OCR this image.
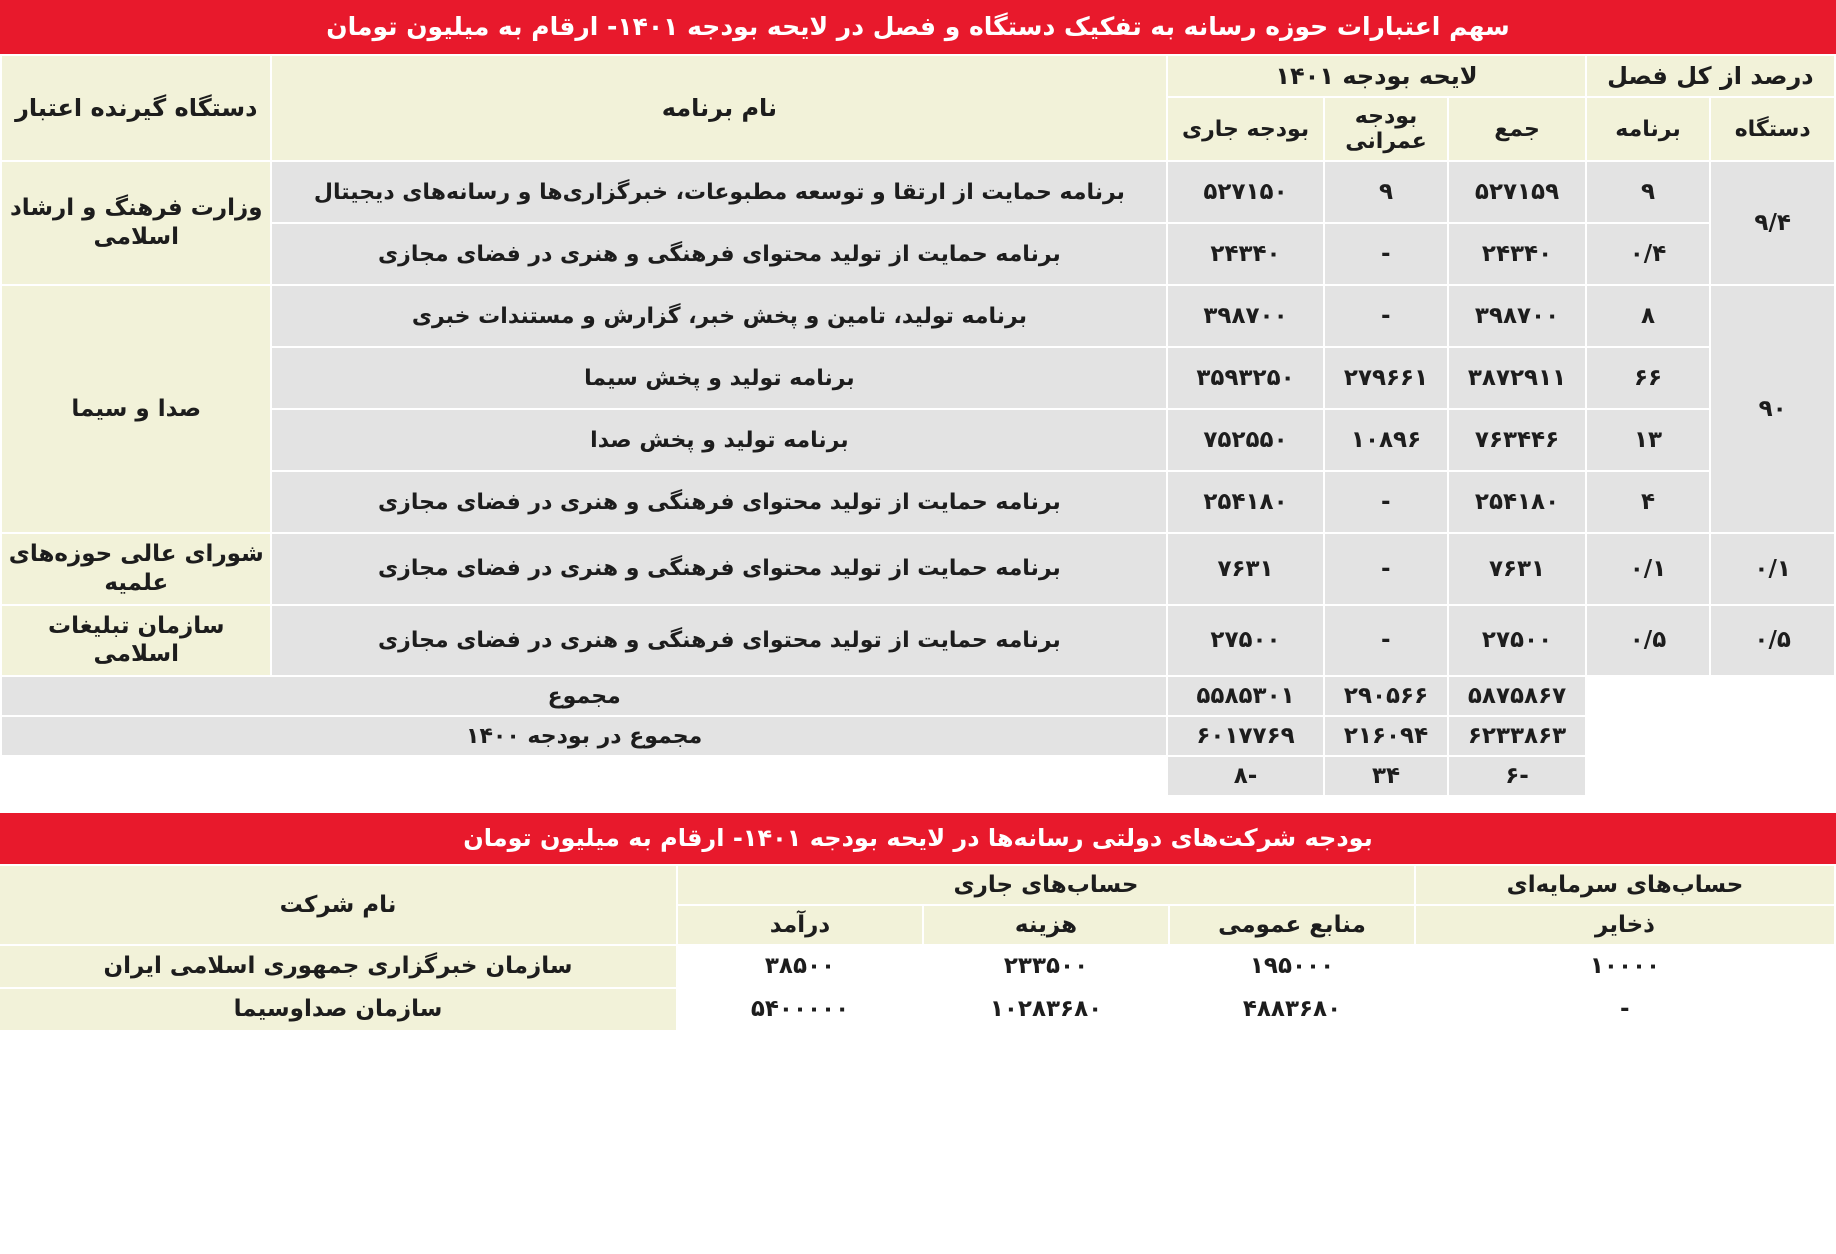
سهم اعتبارات حوزه رسانه به تفکیک دستگاه و فصل در لایحه بودجه ۱۴۰۱- ارقام به میلیون تومان
درصد از کل فصل		لایحه بودجه ۱۴۰۱			نام برنامه	دستگاه گیرنده اعتبار
دستگاه	برنامه	جمع	بودجه عمرانی	بودجه جاری		
۹/۴	۹	۵۲۷۱۵۹	۹	۵۲۷۱۵۰	برنامه حمایت از ارتقا و توسعه مطبوعات، خبرگزاری‌ها و رسانه‌های دیجیتال	وزارت فرهنگ و ارشاد اسلامی
	۰/۴	۲۴۳۴۰	-	۲۴۳۴۰	برنامه حمایت از تولید محتوای فرهنگی و هنری در فضای مجازی	
۹۰	۸	۳۹۸۷۰۰	-	۳۹۸۷۰۰	برنامه تولید، تامین و پخش خبر، گزارش و مستندات خبری	صدا و سیما
	۶۶	۳۸۷۲۹۱۱	۲۷۹۶۶۱	۳۵۹۳۲۵۰	برنامه تولید و پخش سیما	
	۱۳	۷۶۳۴۴۶	۱۰۸۹۶	۷۵۲۵۵۰	برنامه تولید و پخش صدا	
	۴	۲۵۴۱۸۰	-	۲۵۴۱۸۰	برنامه حمایت از تولید محتوای فرهنگی و هنری در فضای مجازی	
۰/۱	۰/۱	۷۶۳۱	-	۷۶۳۱	برنامه حمایت از تولید محتوای فرهنگی و هنری در فضای مجازی	شورای عالی حوزه‌های علمیه
۰/۵	۰/۵	۲۷۵۰۰	-	۲۷۵۰۰	برنامه حمایت از تولید محتوای فرهنگی و هنری در فضای مجازی	سازمان تبلیغات اسلامی
		۵۸۷۵۸۶۷	۲۹۰۵۶۶	۵۵۸۵۳۰۱	مجموع	
		۶۲۳۳۸۶۳	۲۱۶۰۹۴	۶۰۱۷۷۶۹	مجموع در بودجه ۱۴۰۰	
		-۶	۳۴	-۸		
بودجه شرکت‌های دولتی رسانه‌ها در لایحه بودجه ۱۴۰۱- ارقام به میلیون تومان
حساب‌های سرمایه‌ای	حساب‌های جاری			نام شرکت
ذخایر	منابع عمومی	هزینه	درآمد	
۱۰۰۰۰	۱۹۵۰۰۰	۲۳۳۵۰۰	۳۸۵۰۰	سازمان خبرگزاری جمهوری اسلامی ایران
-	۴۸۸۳۶۸۰	۱۰۲۸۳۶۸۰	۵۴۰۰۰۰۰	سازمان صداوسیما
